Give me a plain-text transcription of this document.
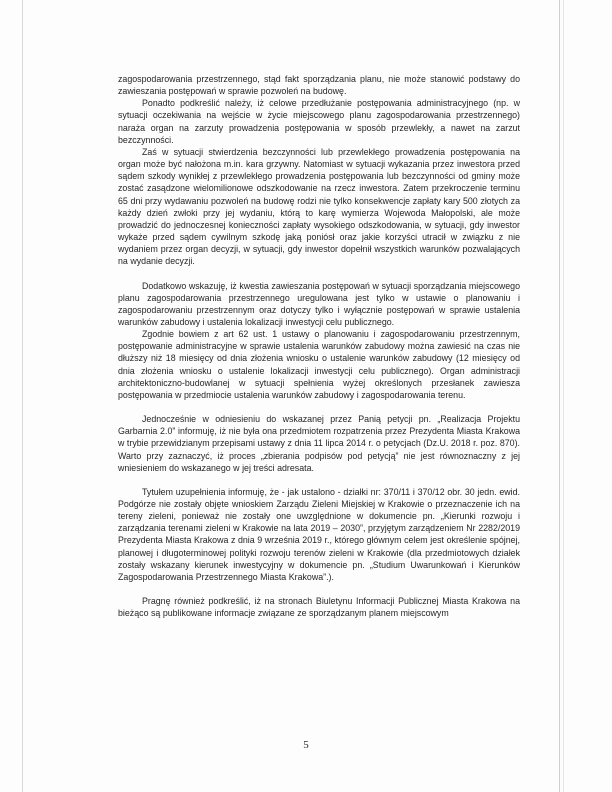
zagospodarowania przestrzennego, stąd fakt sporządzania planu, nie może stanowić podstawy do zawieszania postępowań w sprawie pozwoleń na budowę.

Ponadto podkreślić należy, iż celowe przedłużanie postępowania administracyjnego (np. w sytuacji oczekiwania na wejście w życie miejscowego planu zagospodarowania przestrzennego) naraża organ na zarzuty prowadzenia postępowania w sposób przewlekły, a nawet na zarzut bezczynności.

Zaś w sytuacji stwierdzenia bezczynności lub przewlekłego prowadzenia postępowania na organ może być nałożona m.in. kara grzywny. Natomiast w sytuacji wykazania przez inwestora przed sądem szkody wynikłej z przewlekłego prowadzenia postępowania lub bezczynności od gminy może zostać zasądzone wielomilionowe odszkodowanie na rzecz inwestora. Zatem przekroczenie terminu 65 dni przy wydawaniu pozwoleń na budowę rodzi nie tylko konsekwencje zapłaty kary 500 złotych za każdy dzień zwłoki przy jej wydaniu, którą to karę wymierza Wojewoda Małopolski, ale może prowadzić do jednoczesnej konieczności zapłaty wysokiego odszkodowania, w sytuacji, gdy inwestor wykaże przed sądem cywilnym szkodę jaką poniósł oraz jakie korzyści utracił w związku z nie wydaniem przez organ decyzji, w sytuacji, gdy inwestor dopełnił wszystkich warunków pozwalających na wydanie decyzji.

Dodatkowo wskazuję, iż kwestia zawieszania postępowań w sytuacji sporządzania miejscowego planu zagospodarowania przestrzennego uregulowana jest tylko w ustawie o planowaniu i zagospodarowaniu przestrzennym oraz dotyczy tylko i wyłącznie postępowań w sprawie ustalenia warunków zabudowy i ustalenia lokalizacji inwestycji celu publicznego.

Zgodnie bowiem z art 62 ust. 1 ustawy o planowaniu i zagospodarowaniu przestrzennym, postępowanie administracyjne w sprawie ustalenia warunków zabudowy można zawiesić na czas nie dłuższy niż 18 miesięcy od dnia złożenia wniosku o ustalenie warunków zabudowy (12 miesięcy od dnia złożenia wniosku o ustalenie lokalizacji inwestycji celu publicznego). Organ administracji architektoniczno-budowlanej w sytuacji spełnienia wyżej określonych przesłanek zawiesza postępowania w przedmiocie ustalenia warunków zabudowy i zagospodarowania terenu.

Jednocześnie w odniesieniu do wskazanej przez Panią petycji pn. „Realizacja Projektu Garbarnia 2.0” informuję, iż nie była ona przedmiotem rozpatrzenia przez Prezydenta Miasta Krakowa w trybie przewidzianym przepisami ustawy z dnia 11 lipca 2014 r. o petycjach (Dz.U. 2018 r. poz. 870). Warto przy zaznaczyć, iż proces „zbierania podpisów pod petycją” nie jest równoznaczny z jej wniesieniem do wskazanego w jej treści adresata.

Tytułem uzupełnienia informuję, że - jak ustalono - działki nr: 370/11 i 370/12 obr. 30 jedn. ewid. Podgórze nie zostały objęte wnioskiem Zarządu Zieleni Miejskiej w Krakowie o przeznaczenie ich na tereny zieleni, ponieważ nie zostały one uwzględnione w dokumencie pn. „Kierunki rozwoju i zarządzania terenami zieleni w Krakowie na lata 2019 – 2030”, przyjętym zarządzeniem Nr 2282/2019 Prezydenta Miasta Krakowa z dnia 9 września 2019 r., którego głównym celem jest określenie spójnej, planowej i długoterminowej polityki rozwoju terenów zieleni w Krakowie (dla przedmiotowych działek zostały wskazany kierunek inwestycyjny w dokumencie pn. „Studium Uwarunkowań i Kierunków Zagospodarowania Przestrzennego Miasta Krakowa”.).

Pragnę również podkreślić, iż na stronach Biuletynu Informacji Publicznej Miasta Krakowa na bieżąco są publikowane informacje związane ze sporządzanym planem miejscowym

5
